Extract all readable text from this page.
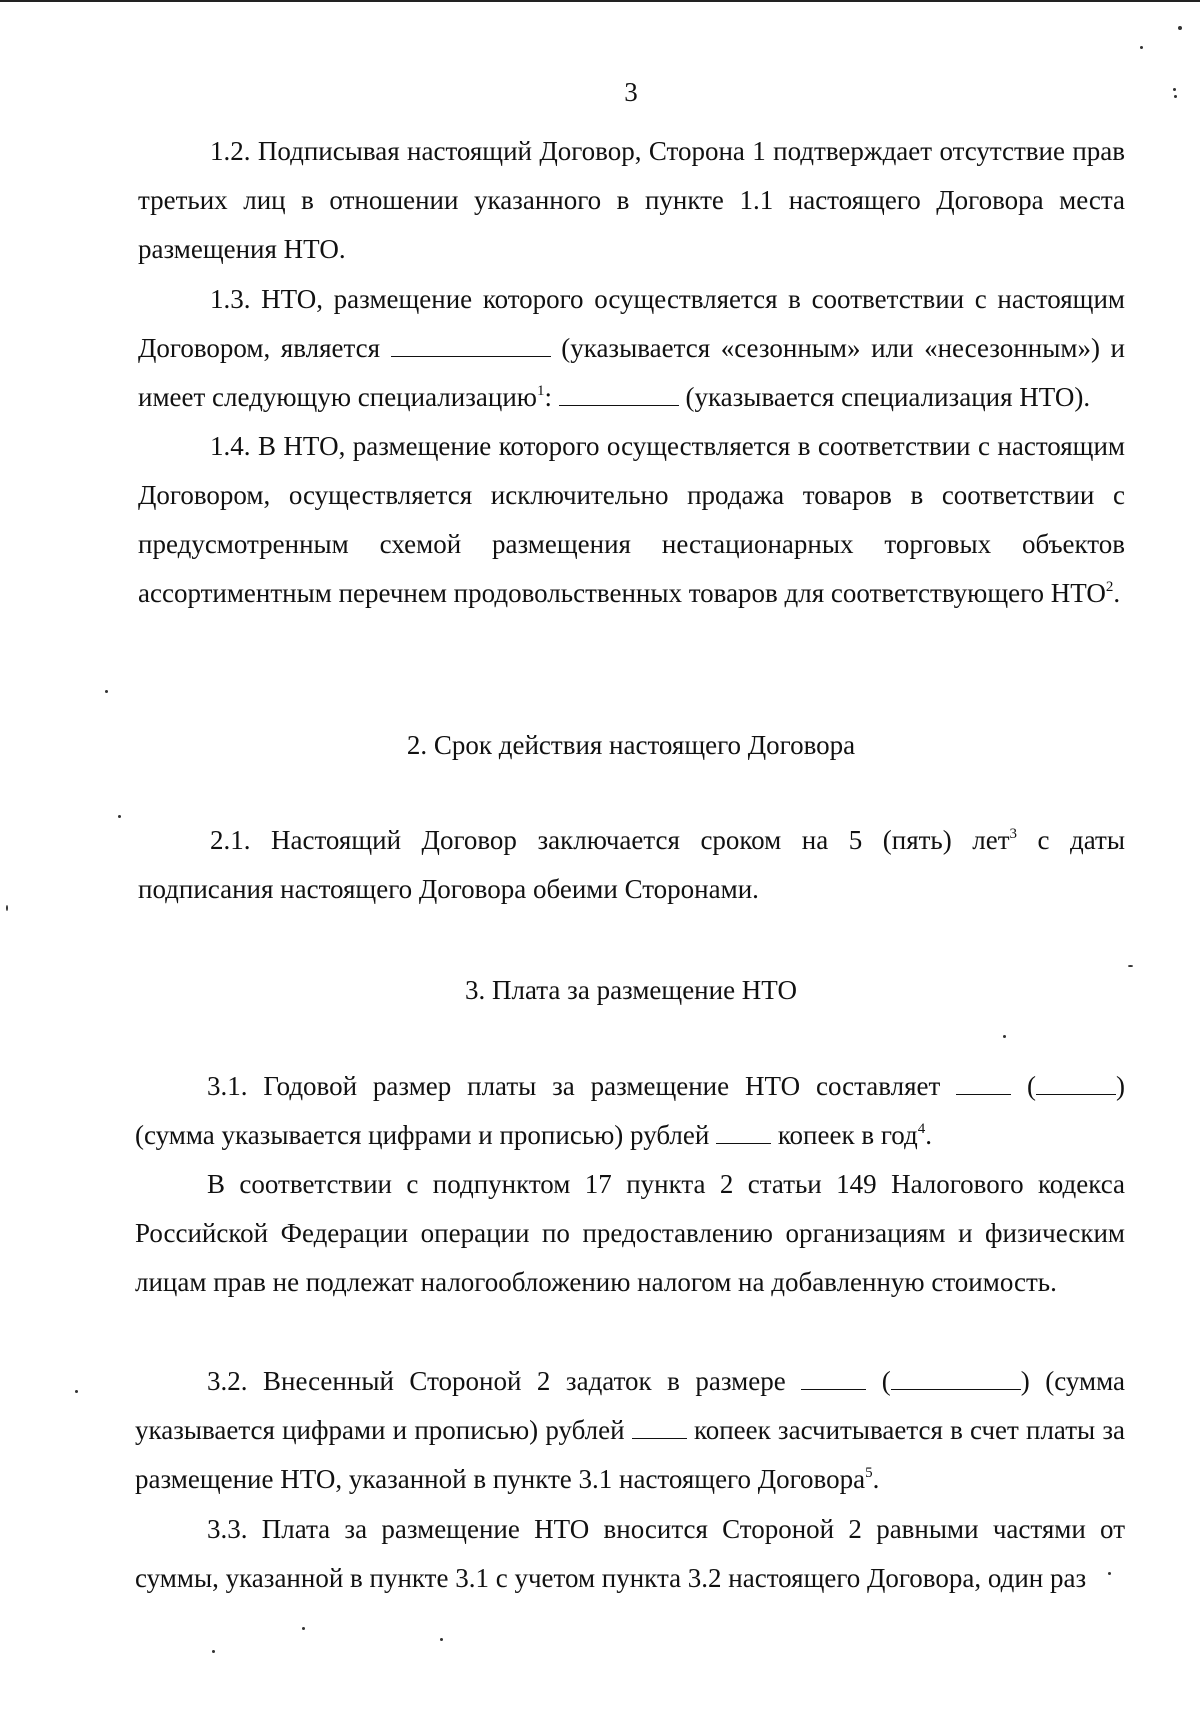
3

1.2. Подписывая настоящий Договор, Сторона 1 подтверждает отсутствие прав третьих лиц в отношении указанного в пункте 1.1 настоящего Договора места размещения НТО.

1.3. НТО, размещение которого осуществляется в соответствии с настоящим Договором, является	(указывается «сезонным» или «несезонным») и имеет следующую специализацию$^1$:	(указывается специализация НТО).

1.4. В НТО, размещение которого осуществляется в соответствии с настоящим Договором, осуществляется исключительно продажа товаров в соответствии с предусмотренным схемой размещения нестационарных торговых объектов ассортиментным перечнем продовольственных товаров для соответствующего НТО$^2$.

2. Срок действия настоящего Договора

2.1. Настоящий Договор заключается сроком на 5 (пять) лет$^3$ с даты подписания настоящего Договора обеими Сторонами.

3. Плата за размещение НТО

3.1. Годовой размер платы за размещение НТО составляет  (	) (сумма указывается цифрами и прописью) рублей  копеек в год$^4$.

В соответствии с подпунктом 17 пункта 2 статьи 149 Налогового кодекса Российской Федерации операции по предоставлению организациям и физическим лицам прав не подлежат налогообложению налогом на добавленную стоимость.

3.2. Внесенный Стороной 2 задаток в размере  (	) (сумма указывается цифрами и прописью) рублей  копеек засчитывается в счет платы за размещение НТО, указанной в пункте 3.1 настоящего Договора$^5$.

3.3. Плата за размещение НТО вносится Стороной 2 равными частями от суммы, указанной в пункте 3.1 с учетом пункта 3.2 настоящего Договора, один раз
